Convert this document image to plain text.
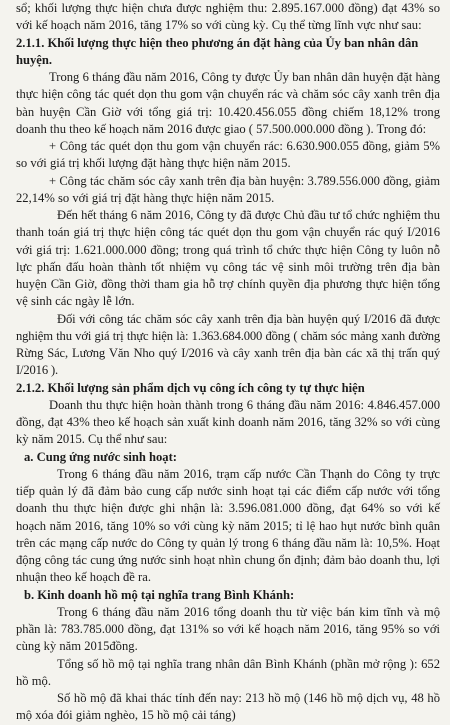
sổ; khối lượng thực hiện chưa được nghiệm thu: 2.895.167.000 đồng) đạt 43% so với kế hoạch năm 2016, tăng 17% so với cùng kỳ. Cụ thể từng lĩnh vực như sau:

2.1.1. Khối lượng thực hiện theo phương án đặt hàng của Ủy ban nhân dân huyện.

Trong 6 tháng đầu năm 2016, Công ty được Ủy ban nhân dân huyện đặt hàng thực hiện công tác quét dọn thu gom vận chuyển rác và chăm sóc cây xanh trên địa bàn huyện Cần Giờ với tổng giá trị: 10.420.456.055 đồng chiếm 18,12% trong doanh thu theo kế hoạch năm 2016 được giao ( 57.500.000.000 đồng ). Trong đó:

+ Công tác quét dọn thu gom vận chuyển rác: 6.630.900.055 đồng, giảm 5% so với giá trị khối lượng đặt hàng thực hiện năm 2015.

+ Công tác chăm sóc cây xanh trên địa bàn huyện: 3.789.556.000 đồng, giảm 22,14% so với giá trị đặt hàng thực hiện năm 2015.

Đến hết tháng 6 năm 2016, Công ty đã được Chủ đầu tư tổ chức nghiệm thu thanh toán giá trị thực hiện công tác quét dọn thu gom vận chuyển rác quý I/2016 với giá trị: 1.621.000.000 đồng; trong quá trình tổ chức thực hiện Công ty luôn nỗ lực phấn đấu hoàn thành tốt nhiệm vụ công tác vệ sinh môi trường trên địa bàn huyện Cần Giờ, đồng thời tham gia hỗ trợ chính quyền địa phương thực hiện tổng vệ sinh các ngày lễ lớn.

Đối với công tác chăm sóc cây xanh trên địa bàn huyện quý I/2016 đã được nghiệm thu với giá trị thực hiện là: 1.363.684.000 đồng ( chăm sóc mảng xanh đường Rừng Sác, Lương Văn Nho quý I/2016 và cây xanh trên địa bàn các xã thị trấn quý I/2016 ).

2.1.2. Khối lượng sản phẩm dịch vụ công ích công ty tự thực hiện

Doanh thu thực hiện hoàn thành trong 6 tháng đầu năm 2016: 4.846.457.000 đồng, đạt 43% theo kế hoạch sản xuất kinh doanh năm 2016, tăng 32% so với cùng kỳ năm 2015. Cụ thể như sau:

a. Cung ứng nước sinh hoạt:

Trong 6 tháng đầu năm 2016, trạm cấp nước Cần Thạnh do Công ty trực tiếp quản lý đã đảm bảo cung cấp nước sinh hoạt tại các điểm cấp nước với tổng doanh thu thực hiện được ghi nhận là: 3.596.081.000 đồng, đạt 64% so với kế hoạch năm 2016, tăng 10% so với cùng kỳ năm 2015; tỉ lệ hao hụt nước bình quân trên các mạng cấp nước do Công ty quản lý trong 6 tháng đầu năm là: 10,5%. Hoạt động công tác cung ứng nước sinh hoạt nhìn chung ổn định; đảm bảo doanh thu, lợi nhuận theo kế hoạch đề ra.

b. Kinh doanh hồ mộ tại nghĩa trang Bình Khánh:

Trong 6 tháng đầu năm 2016 tổng doanh thu từ việc bán kim tĩnh và mộ phần là: 783.785.000 đồng, đạt 131% so với kế hoạch năm 2016, tăng 95% so với cùng kỳ năm 2015đồng.

Tổng số hồ mộ tại nghĩa trang nhân dân Bình Khánh (phần mở rộng ): 652 hồ mộ.

Số hồ mộ đã khai thác tính đến nay: 213 hồ mộ (146 hồ mộ dịch vụ, 48 hồ mộ xóa đói giảm nghèo, 15 hồ mộ cải táng)
